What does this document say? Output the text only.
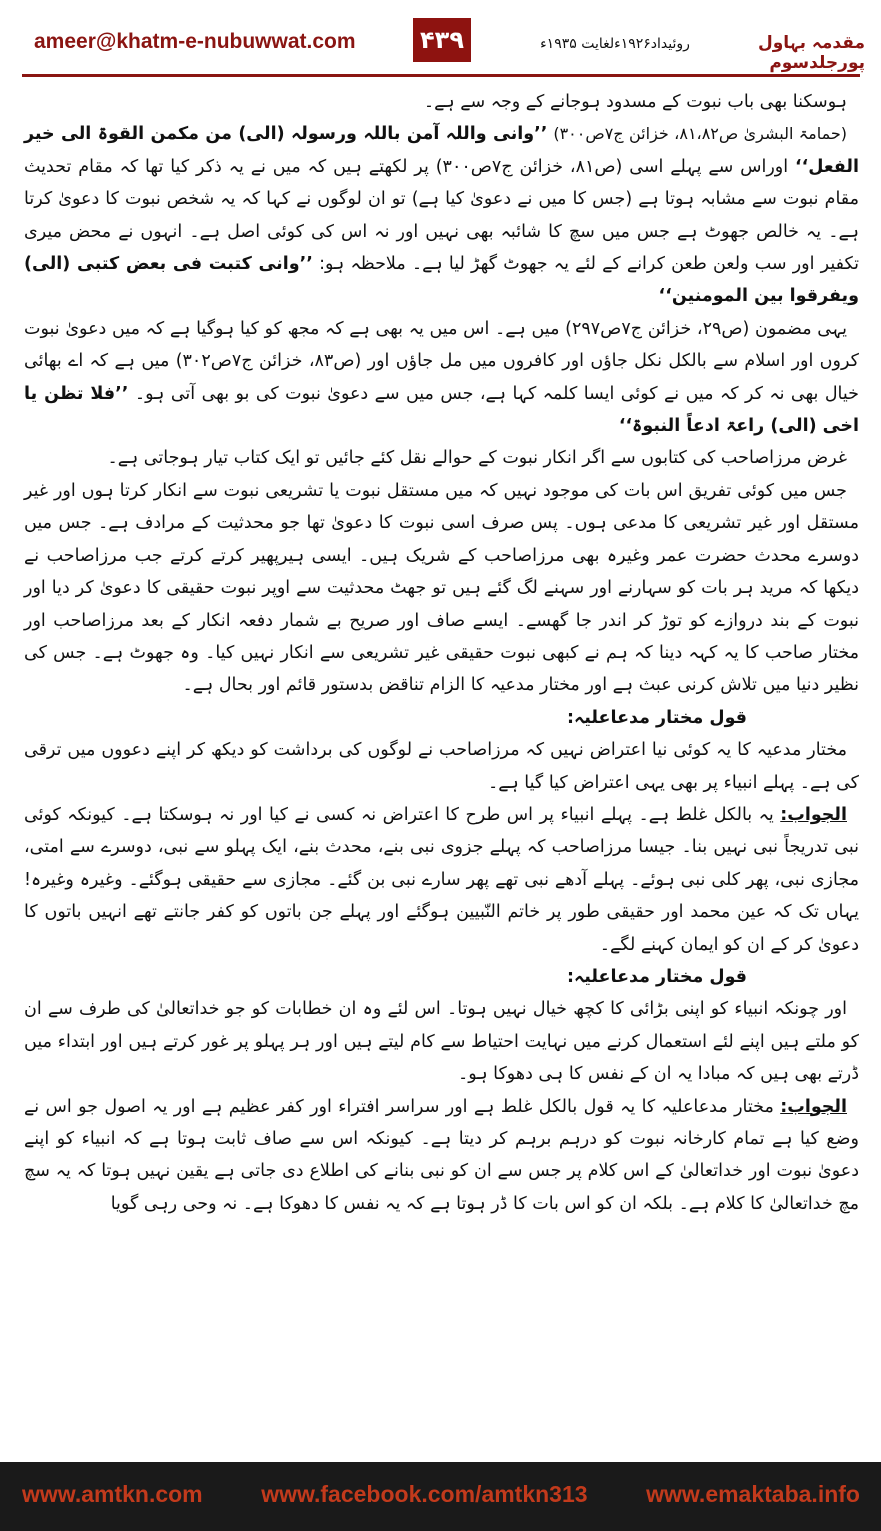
ameer@khatm-e-nubuwwat.com	۴۳۹	روئیداد۱۹۲۶ءلغایت ۱۹۳۵ء	مقدمہ بہاول پورجلدسوم

ہوسکنا بھی باب نبوت کے مسدود ہوجانے کے وجہ سے ہے۔

(حمامۃ البشریٰ ص۸۱،۸۲، خزائن ج۷ص۳۰۰) ’’وانی واللہ آمن باللہ ورسولہ (الی) من مکمن القوۃ الی خیر الفعل‘‘ اوراس سے پہلے اسی (ص۸۱، خزائن ج۷ص۳۰۰) پر لکھتے ہیں کہ میں نے یہ ذکر کیا تھا کہ مقام تحدیث مقام نبوت سے مشابہ ہوتا ہے (جس کا میں نے دعویٰ کیا ہے) تو ان لوگوں نے کہا کہ یہ شخص نبوت کا دعویٰ کرتا ہے۔ یہ خالص جھوٹ ہے جس میں سچ کا شائبہ بھی نہیں اور نہ اس کی کوئی اصل ہے۔ انہوں نے محض میری تکفیر اور سب ولعن طعن کرانے کے لئے یہ جھوٹ گھڑ لیا ہے۔ ملاحظہ ہو: ’’وانی کتبت فی بعض کتبی (الی) ویفرقوا بین المومنین‘‘

یہی مضمون (ص۲۹، خزائن ج۷ص۲۹۷) میں ہے۔ اس میں یہ بھی ہے کہ مجھ کو کیا ہوگیا ہے کہ میں دعویٰ نبوت کروں اور اسلام سے بالکل نکل جاؤں اور کافروں میں مل جاؤں اور (ص۸۳، خزائن ج۷ص۳۰۲) میں ہے کہ اے بھائی خیال بھی نہ کر کہ میں نے کوئی ایسا کلمہ کہا ہے، جس میں سے دعویٰ نبوت کی بو بھی آتی ہو۔ ’’فلا تظن یا اخی (الی) راعۃ ادعاً النبوۃ‘‘

غرض مرزاصاحب کی کتابوں سے اگر انکار نبوت کے حوالے نقل کئے جائیں تو ایک کتاب تیار ہوجاتی ہے۔

جس میں کوئی تفریق اس بات کی موجود نہیں کہ میں مستقل نبوت یا تشریعی نبوت سے انکار کرتا ہوں اور غیر مستقل اور غیر تشریعی کا مدعی ہوں۔ پس صرف اسی نبوت کا دعویٰ تھا جو محدثیت کے مرادف ہے۔ جس میں دوسرے محدث حضرت عمر وغیرہ بھی مرزاصاحب کے شریک ہیں۔ ایسی ہیرپھیر کرتے کرتے جب مرزاصاحب نے دیکھا کہ مرید ہر بات کو سہارنے اور سہنے لگ گئے ہیں تو جھٹ محدثیت سے اوپر نبوت حقیقی کا دعویٰ کر دیا اور نبوت کے بند دروازے کو توڑ کر اندر جا گھسے۔ ایسے صاف اور صریح بے شمار دفعہ انکار کے بعد مرزاصاحب اور مختار صاحب کا یہ کہہ دینا کہ ہم نے کبھی نبوت حقیقی غیر تشریعی سے انکار نہیں کیا۔ وہ جھوٹ ہے۔ جس کی نظیر دنیا میں تلاش کرنی عبث ہے اور مختار مدعیہ کا الزام تناقض بدستور قائم اور بحال ہے۔

قول مختار مدعاعلیہ:

مختار مدعیہ کا یہ کوئی نیا اعتراض نہیں کہ مرزاصاحب نے لوگوں کی برداشت کو دیکھ کر اپنے دعووں میں ترقی کی ہے۔ پہلے انبیاء پر بھی یہی اعتراض کیا گیا ہے۔

الجواب: یہ بالکل غلط ہے۔ پہلے انبیاء پر اس طرح کا اعتراض نہ کسی نے کیا اور نہ ہوسکتا ہے۔ کیونکہ کوئی نبی تدریجاً نبی نہیں بنا۔ جیسا مرزاصاحب کہ پہلے جزوی نبی بنے، محدث بنے، ایک پہلو سے نبی، دوسرے سے امتی، مجازی نبی، پھر کلی نبی ہوئے۔ پہلے آدھے نبی تھے پھر سارے نبی بن گئے۔ مجازی سے حقیقی ہوگئے۔ وغیرہ وغیرہ! یہاں تک کہ عین محمد اور حقیقی طور پر خاتم النّبیین ہوگئے اور پہلے جن باتوں کو کفر جانتے تھے انہیں باتوں کا دعویٰ کر کے ان کو ایمان کہنے لگے۔

قول مختار مدعاعلیہ:

اور چونکہ انبیاء کو اپنی بڑائی کا کچھ خیال نہیں ہوتا۔ اس لئے وہ ان خطابات کو جو خداتعالیٰ کی طرف سے ان کو ملتے ہیں اپنے لئے استعمال کرنے میں نہایت احتیاط سے کام لیتے ہیں اور ہر پہلو پر غور کرتے ہیں اور ابتداء میں ڈرتے بھی ہیں کہ مبادا یہ ان کے نفس کا ہی دھوکا ہو۔

الجواب: مختار مدعاعلیہ کا یہ قول بالکل غلط ہے اور سراسر افتراء اور کفر عظیم ہے اور یہ اصول جو اس نے وضع کیا ہے تمام کارخانہ نبوت کو درہم برہم کر دیتا ہے۔ کیونکہ اس سے صاف ثابت ہوتا ہے کہ انبیاء کو اپنے دعویٰ نبوت اور خداتعالیٰ کے اس کلام پر جس سے ان کو نبی بنانے کی اطلاع دی جاتی ہے یقین نہیں ہوتا کہ یہ سچ مچ خداتعالیٰ کا کلام ہے۔ بلکہ ان کو اس بات کا ڈر ہوتا ہے کہ یہ نفس کا دھوکا ہے۔ نہ وحی رہی گویا

www.amtkn.com	www.facebook.com/amtkn313	www.emaktaba.info
